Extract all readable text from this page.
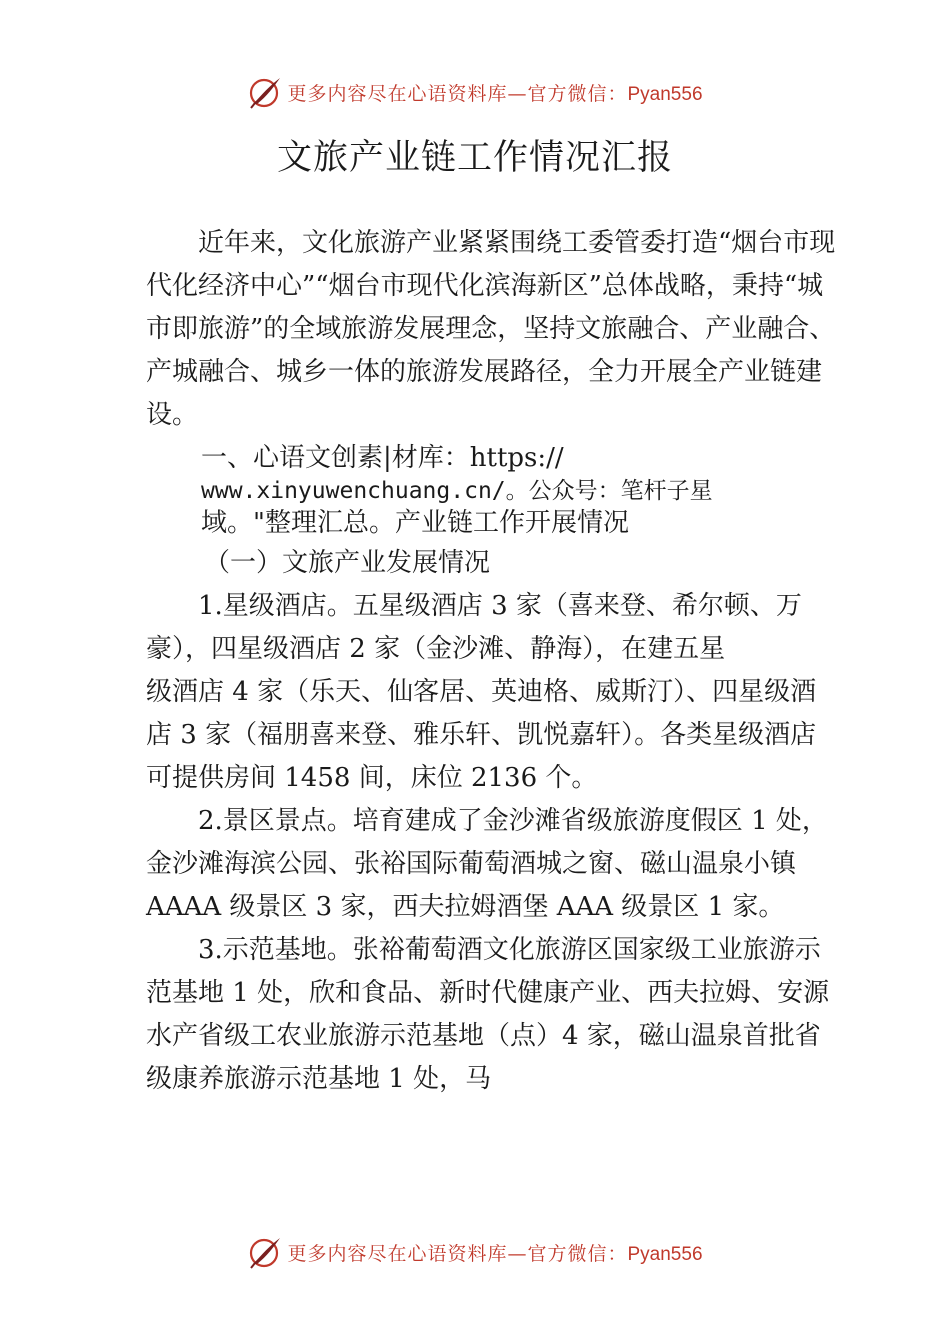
更多内容尽在心语资料库—官方微信：Pyan556
文旅产业链工作情况汇报

近年来，文化旅游产业紧紧围绕工委管委打造“烟台市现代化经济中心”“烟台市现代化滨海新区”总体战略，秉持“城市即旅游”的全域旅游发展理念，坚持文旅融合、产业融合、产城融合、城乡一体的旅游发展路径，全力开展全产业链建设。

一、心语文创素|材库：https://
www.xinyuwenchuang.cn/。公众号：笔杆子星
域。"整理汇总。产业链工作开展情况

（一）文旅产业发展情况

1.星级酒店。五星级酒店 3 家（喜来登、希尔顿、万豪），四星级酒店 2 家（金沙滩、静海），在建五星

级酒店 4 家（乐天、仙客居、英迪格、威斯汀）、四星级酒店 3 家（福朋喜来登、雅乐轩、凯悦嘉轩）。各类星级酒店可提供房间 1458 间，床位 2136 个。

2.景区景点。培育建成了金沙滩省级旅游度假区 1 处，金沙滩海滨公园、张裕国际葡萄酒城之窗、磁山温泉小镇 AAAA 级景区 3 家，西夫拉姆酒堡 AAA 级景区 1 家。

3.示范基地。张裕葡萄酒文化旅游区国家级工业旅游示范基地 1 处，欣和食品、新时代健康产业、西夫拉姆、安源水产省级工农业旅游示范基地（点）4 家，磁山温泉首批省级康养旅游示范基地 1 处，马

更多内容尽在心语资料库—官方微信：Pyan556
